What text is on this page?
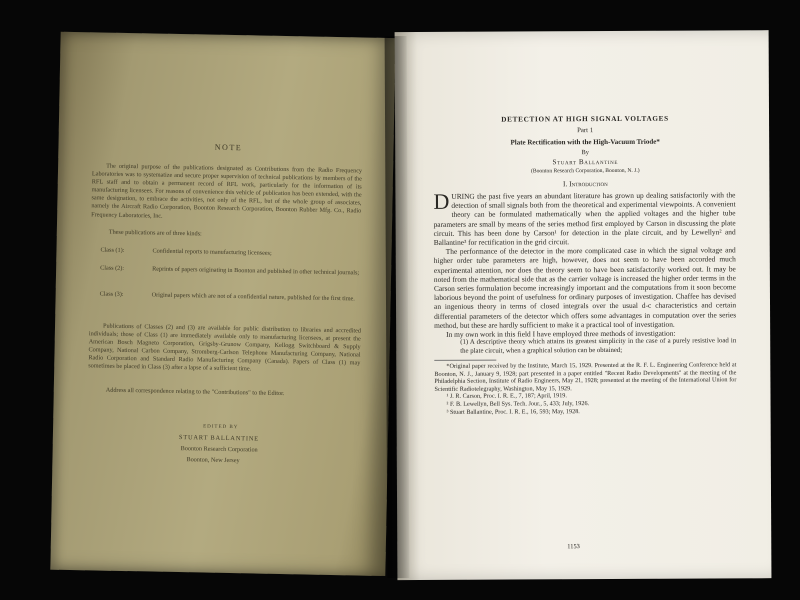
NOTE
The original purpose of the publications designated as Contributions from the Radio Frequency Laboratories was to systematize and secure proper supervision of technical publications by members of the RFL staff and to obtain a permanent record of RFL work, particularly for the information of its manufacturing licensees. For reasons of convenience this vehicle of publication has been extended, with the same designation, to embrace the activities, not only of the RFL, but of the whole group of associates, namely the Aircraft Radio Corporation, Boonton Research Corporation, Boonton Rubber Mfg. Co., Radio Frequency Laboratories, Inc.
These publications are of three kinds:
Class (1):	Confidential reports to manufacturing licensees;
Class (2):	Reprints of papers originating in Boonton and published in other technical journals;
Class (3):	Original papers which are not of a confidential nature, published for the first time.
Publications of Classes (2) and (3) are available for public distribution to libraries and accredited individuals; those of Class (1) are immediately available only to manufacturing licensees, at present the American Bosch Magneto Corporation, Grigsby-Grunow Company, Kellogg Switchboard & Supply Company, National Carbon Company, Stromberg-Carlson Telephone Manufacturing Company, National Radio Corporation and Standard Radio Manufacturing Company (Canada). Papers of Class (1) may sometimes be placed in Class (3) after a lapse of a sufficient time.
Address all correspondence relating to the "Contributions" to the Editor.
EDITED BY
STUART BALLANTINE
Boonton Research Corporation
Boonton, New Jersey
DETECTION AT HIGH SIGNAL VOLTAGES
Part 1
Plate Rectification with the High-Vacuum Triode*
By
Stuart Ballantine
(Boonton Research Corporation, Boonton, N. J.)
I. Introduction

DURING the past five years an abundant literature has grown up dealing satisfactorily with the detection of small signals both from the theoretical and experimental viewpoints. A convenient theory can be formulated mathematically when the applied voltages and the higher tube parameters are small by means of the series method first employed by Carson in discussing the plate circuit. This has been done by Carson¹ for detection in the plate circuit, and by Lewellyn² and Ballantine³ for rectification in the grid circuit.

The performance of the detector in the more complicated case in which the signal voltage and higher order tube parameters are high, however, does not seem to have been accorded much experimental attention, nor does the theory seem to have been satisfactorily worked out. It may be noted from the mathematical side that as the carrier voltage is increased the higher order terms in the Carson series formulation become increasingly important and the computations from it soon become laborious beyond the point of usefulness for ordinary purposes of investigation. Chaffee has devised an ingenious theory in terms of closed integrals over the usual d-c characteristics and certain differential parameters of the detector which offers some advantages in computation over the series method, but these are hardly sufficient to make it a practical tool of investigation.

In my own work in this field I have employed three methods of investigation:

(1) A descriptive theory which attains its greatest simplicity in the case of a purely resistive load in the plate circuit, when a graphical solution can be obtained;

*Original paper received by the Institute, March 15, 1929. Presented at the R. F. L. Engineering Conference held at Boonton, N. J., January 9, 1928; part presented in a paper entitled "Recent Radio Developments" at the meeting of the Philadelphia Section, Institute of Radio Engineers, May 21, 1928; presented at the meeting of the International Union for Scientific Radiotelegraphy, Washington, May 15, 1929.

¹ J. R. Carson, Proc. I. R. E., 7, 187; April, 1919.

² F. B. Lewellyn, Bell Sys. Tech. Jour., 5, 433; July, 1926.

³ Stuart Ballantine, Proc. I. R. E., 16, 593; May, 1928.

1153
